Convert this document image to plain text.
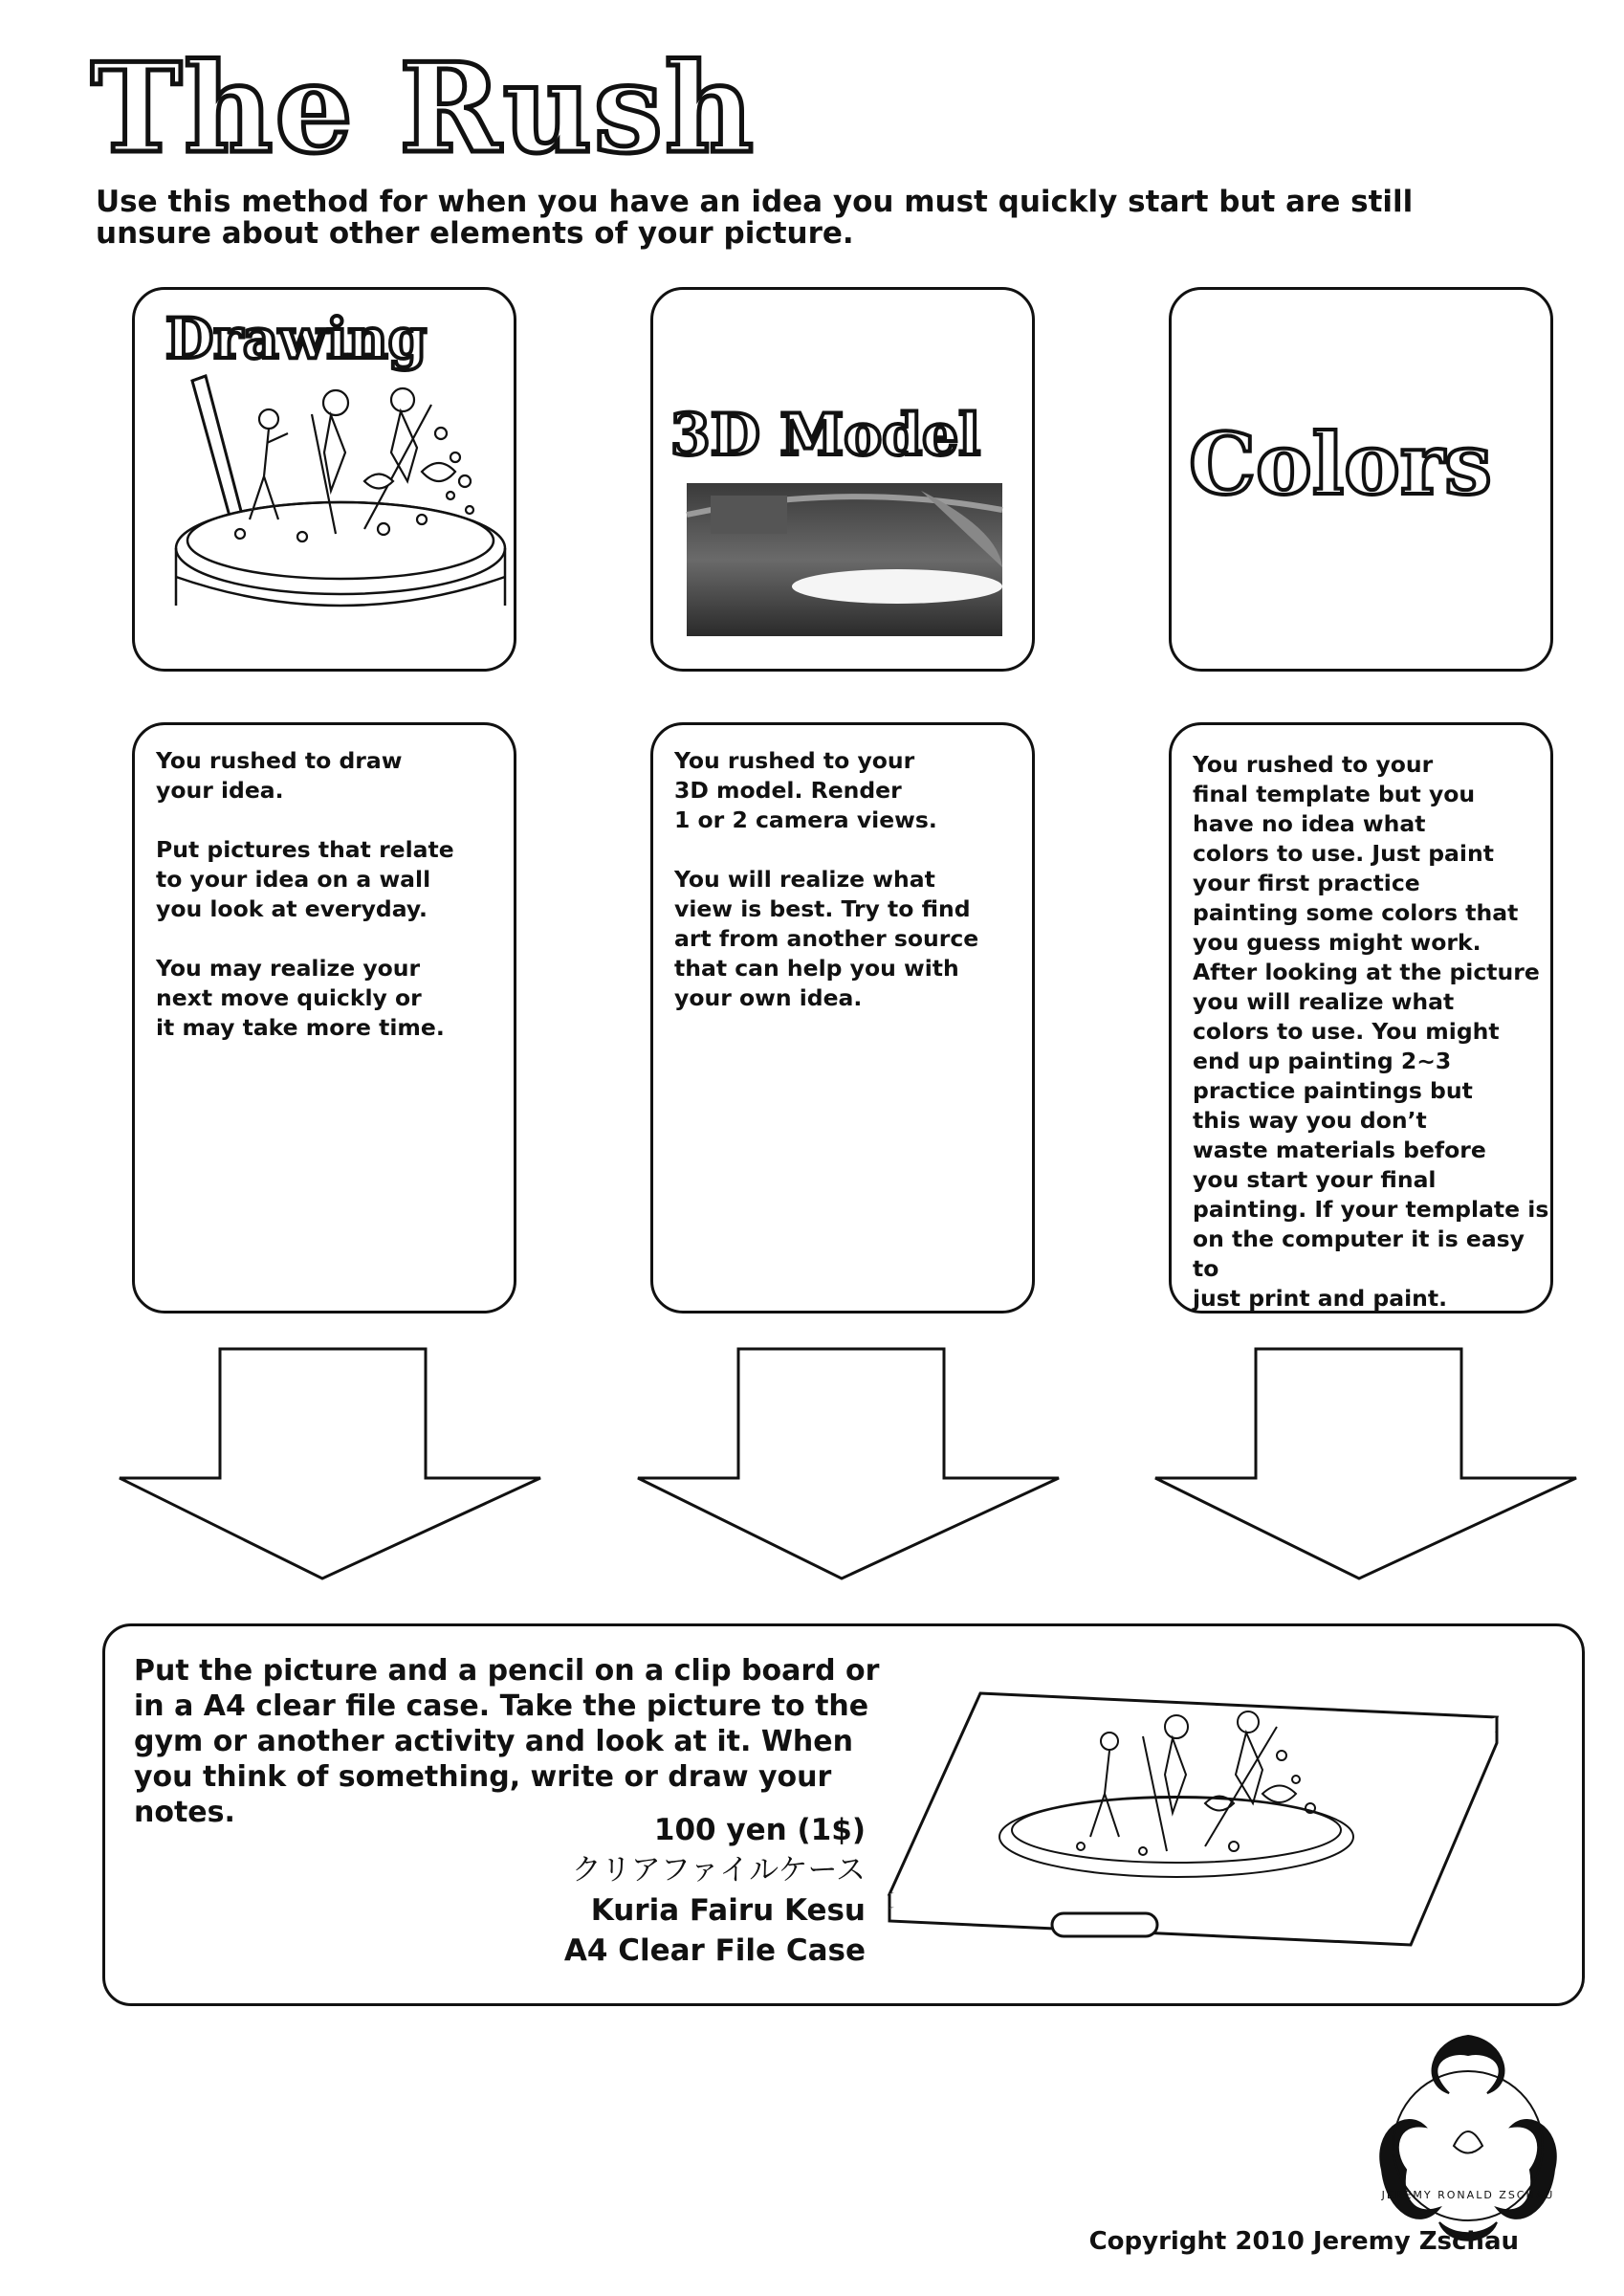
The Rush
Use this method for when you have an idea you must quickly start but are still unsure about other elements of your picture.
Drawing
3D Model Colors
You rushed to draw
your idea.

Put pictures that relate
to your idea on a wall
you look at everyday.

You may realize your
next move quickly or
it may take more time.
You rushed to your
3D model. Render
1 or 2 camera views.

You will realize what
view is best. Try to find
art from another source
that can help you with
your own idea.
You rushed to your
final template but you
have no idea what
colors to use. Just paint
your first practice
painting some colors that
you guess might work.
After looking at the picture
you will realize what
colors to use. You might
end up painting 2~3
practice paintings but
this way you don’t
waste materials before
you start your final
painting. If your template is
on the computer it is easy to
just print and paint.
Put the picture and a pencil on a clip board or in a A4 clear file case. Take the picture to the gym or another activity and look at it. When you think of something, write or draw your notes.
100 yen (1$)
クリアファイルケース
Kuria Fairu Kesu
A4 Clear File Case
JEREMY RONALD ZSCHAU
Copyright 2010 Jeremy Zschau
